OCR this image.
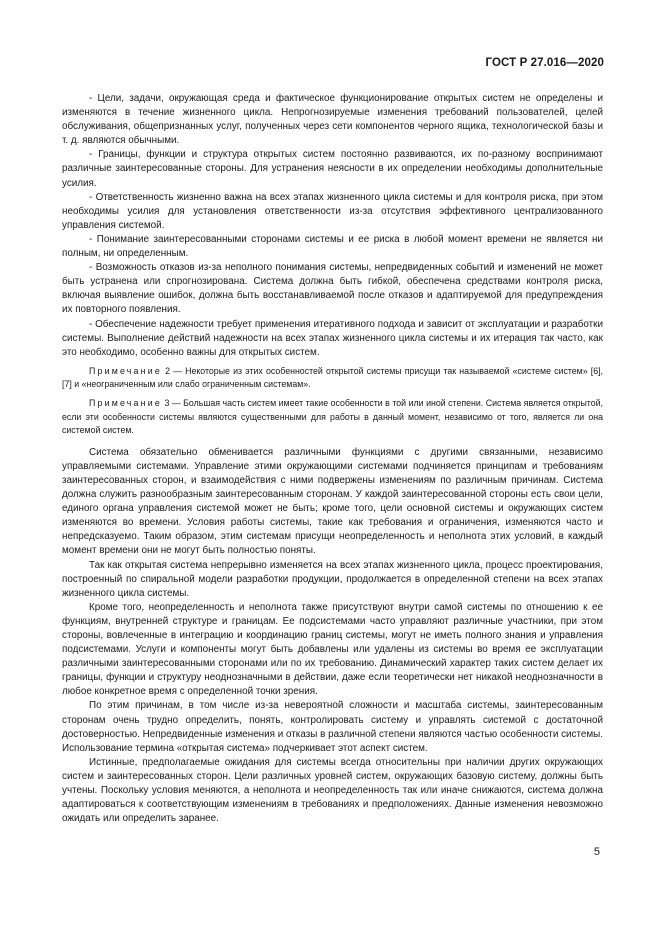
ГОСТ Р 27.016—2020

- Цели, задачи, окружающая среда и фактическое функционирование открытых систем не определены и изменяются в течение жизненного цикла. Непрогнозируемые изменения требований пользователей, целей обслуживания, общепризнанных услуг, полученных через сети компонентов черного ящика, технологической базы и т. д. являются обычными.

- Границы, функции и структура открытых систем постоянно развиваются, их по-разному воспринимают различные заинтересованные стороны. Для устранения неясности в их определении необходимы дополнительные усилия.

- Ответственность жизненно важна на всех этапах жизненного цикла системы и для контроля риска, при этом необходимы усилия для установления ответственности из-за отсутствия эффективного централизованного управления системой.

- Понимание заинтересованными сторонами системы и ее риска в любой момент времени не является ни полным, ни определенным.

- Возможность отказов из-за неполного понимания системы, непредвиденных событий и изменений не может быть устранена или спрогнозирована. Система должна быть гибкой, обеспечена средствами контроля риска, включая выявление ошибок, должна быть восстанавливаемой после отказов и адаптируемой для предупреждения их повторного появления.

- Обеспечение надежности требует применения итеративного подхода и зависит от эксплуатации и разработки системы. Выполнение действий надежности на всех этапах жизненного цикла системы и их итерация так часто, как это необходимо, особенно важны для открытых систем.

Примечание 2 — Некоторые из этих особенностей открытой системы присущи так называемой «системе систем» [6], [7] и «неограниченным или слабо ограниченным системам».

Примечание 3 — Большая часть систем имеет такие особенности в той или иной степени. Система является открытой, если эти особенности системы являются существенными для работы в данный момент, независимо от того, является ли она системой систем.

Система обязательно обменивается различными функциями с другими связанными, независимо управляемыми системами. Управление этими окружающими системами подчиняется принципам и требованиям заинтересованных сторон, и взаимодействия с ними подвержены изменениям по различным причинам. Система должна служить разнообразным заинтересованным сторонам. У каждой заинтересованной стороны есть свои цели, единого органа управления системой может не быть; кроме того, цели основной системы и окружающих систем изменяются во времени. Условия работы системы, такие как требования и ограничения, изменяются часто и непредсказуемо. Таким образом, этим системам присущи неопределенность и неполнота этих условий, в каждый момент времени они не могут быть полностью поняты.

Так как открытая система непрерывно изменяется на всех этапах жизненного цикла, процесс проектирования, построенный по спиральной модели разработки продукции, продолжается в определенной степени на всех этапах жизненного цикла системы.

Кроме того, неопределенность и неполнота также присутствуют внутри самой системы по отношению к ее функциям, внутренней структуре и границам. Ее подсистемами часто управляют различные участники, при этом стороны, вовлеченные в интеграцию и координацию границ системы, могут не иметь полного знания и управления подсистемами. Услуги и компоненты могут быть добавлены или удалены из системы во время ее эксплуатации различными заинтересованными сторонами или по их требованию. Динамический характер таких систем делает их границы, функции и структуру неоднозначными в действии, даже если теоретически нет никакой неоднозначности в любое конкретное время с определенной точки зрения.

По этим причинам, в том числе из-за невероятной сложности и масштаба системы, заинтересованным сторонам очень трудно определить, понять, контролировать систему и управлять системой с достаточной достоверностью. Непредвиденные изменения и отказы в различной степени являются частью особенности системы. Использование термина «открытая система» подчеркивает этот аспект систем.

Истинные, предполагаемые ожидания для системы всегда относительны при наличии других окружающих систем и заинтересованных сторон. Цели различных уровней систем, окружающих базовую систему, должны быть учтены. Поскольку условия меняются, а неполнота и неопределенность так или иначе снижаются, система должна адаптироваться к соответствующим изменениям в требованиях и предположениях. Данные изменения невозможно ожидать или определить заранее.

5
